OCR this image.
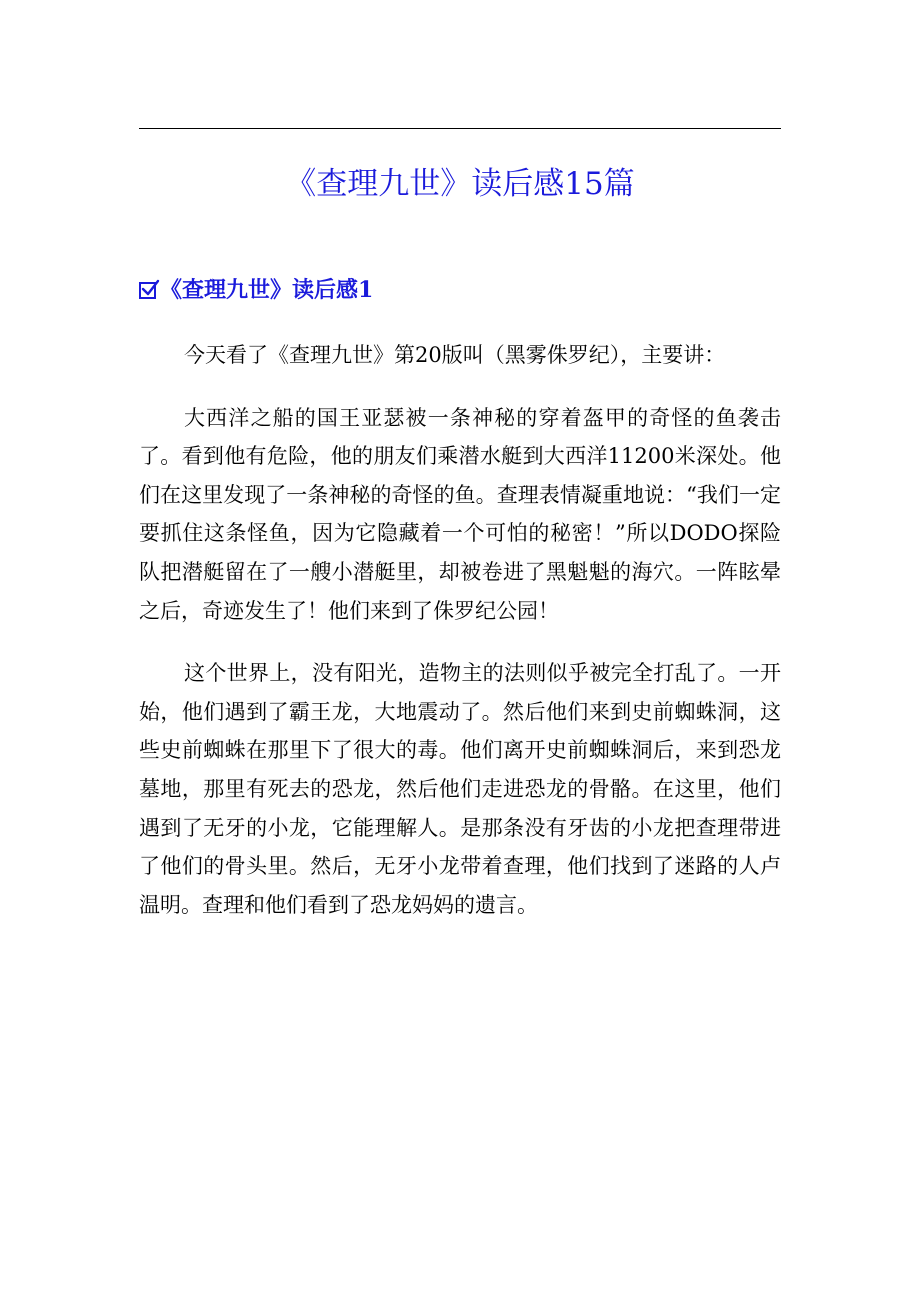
《查理九世》读后感15篇
《查理九世》读后感1

今天看了《查理九世》第20版叫（黑雾侏罗纪），主要讲：

大西洋之船的国王亚瑟被一条神秘的穿着盔甲的奇怪的鱼袭击了。看到他有危险，他的朋友们乘潜水艇到大西洋11200米深处。他们在这里发现了一条神秘的奇怪的鱼。查理表情凝重地说：“我们一定要抓住这条怪鱼，因为它隐藏着一个可怕的秘密！”所以DODO探险队把潜艇留在了一艘小潜艇里，却被卷进了黑魁魁的海穴。一阵眩晕之后，奇迹发生了！他们来到了侏罗纪公园！

这个世界上，没有阳光，造物主的法则似乎被完全打乱了。一开始，他们遇到了霸王龙，大地震动了。然后他们来到史前蜘蛛洞，这些史前蜘蛛在那里下了很大的毒。他们离开史前蜘蛛洞后，来到恐龙墓地，那里有死去的恐龙，然后他们走进恐龙的骨骼。在这里，他们遇到了无牙的小龙，它能理解人。是那条没有牙齿的小龙把查理带进了他们的骨头里。然后，无牙小龙带着查理，他们找到了迷路的人卢温明。查理和他们看到了恐龙妈妈的遗言。
